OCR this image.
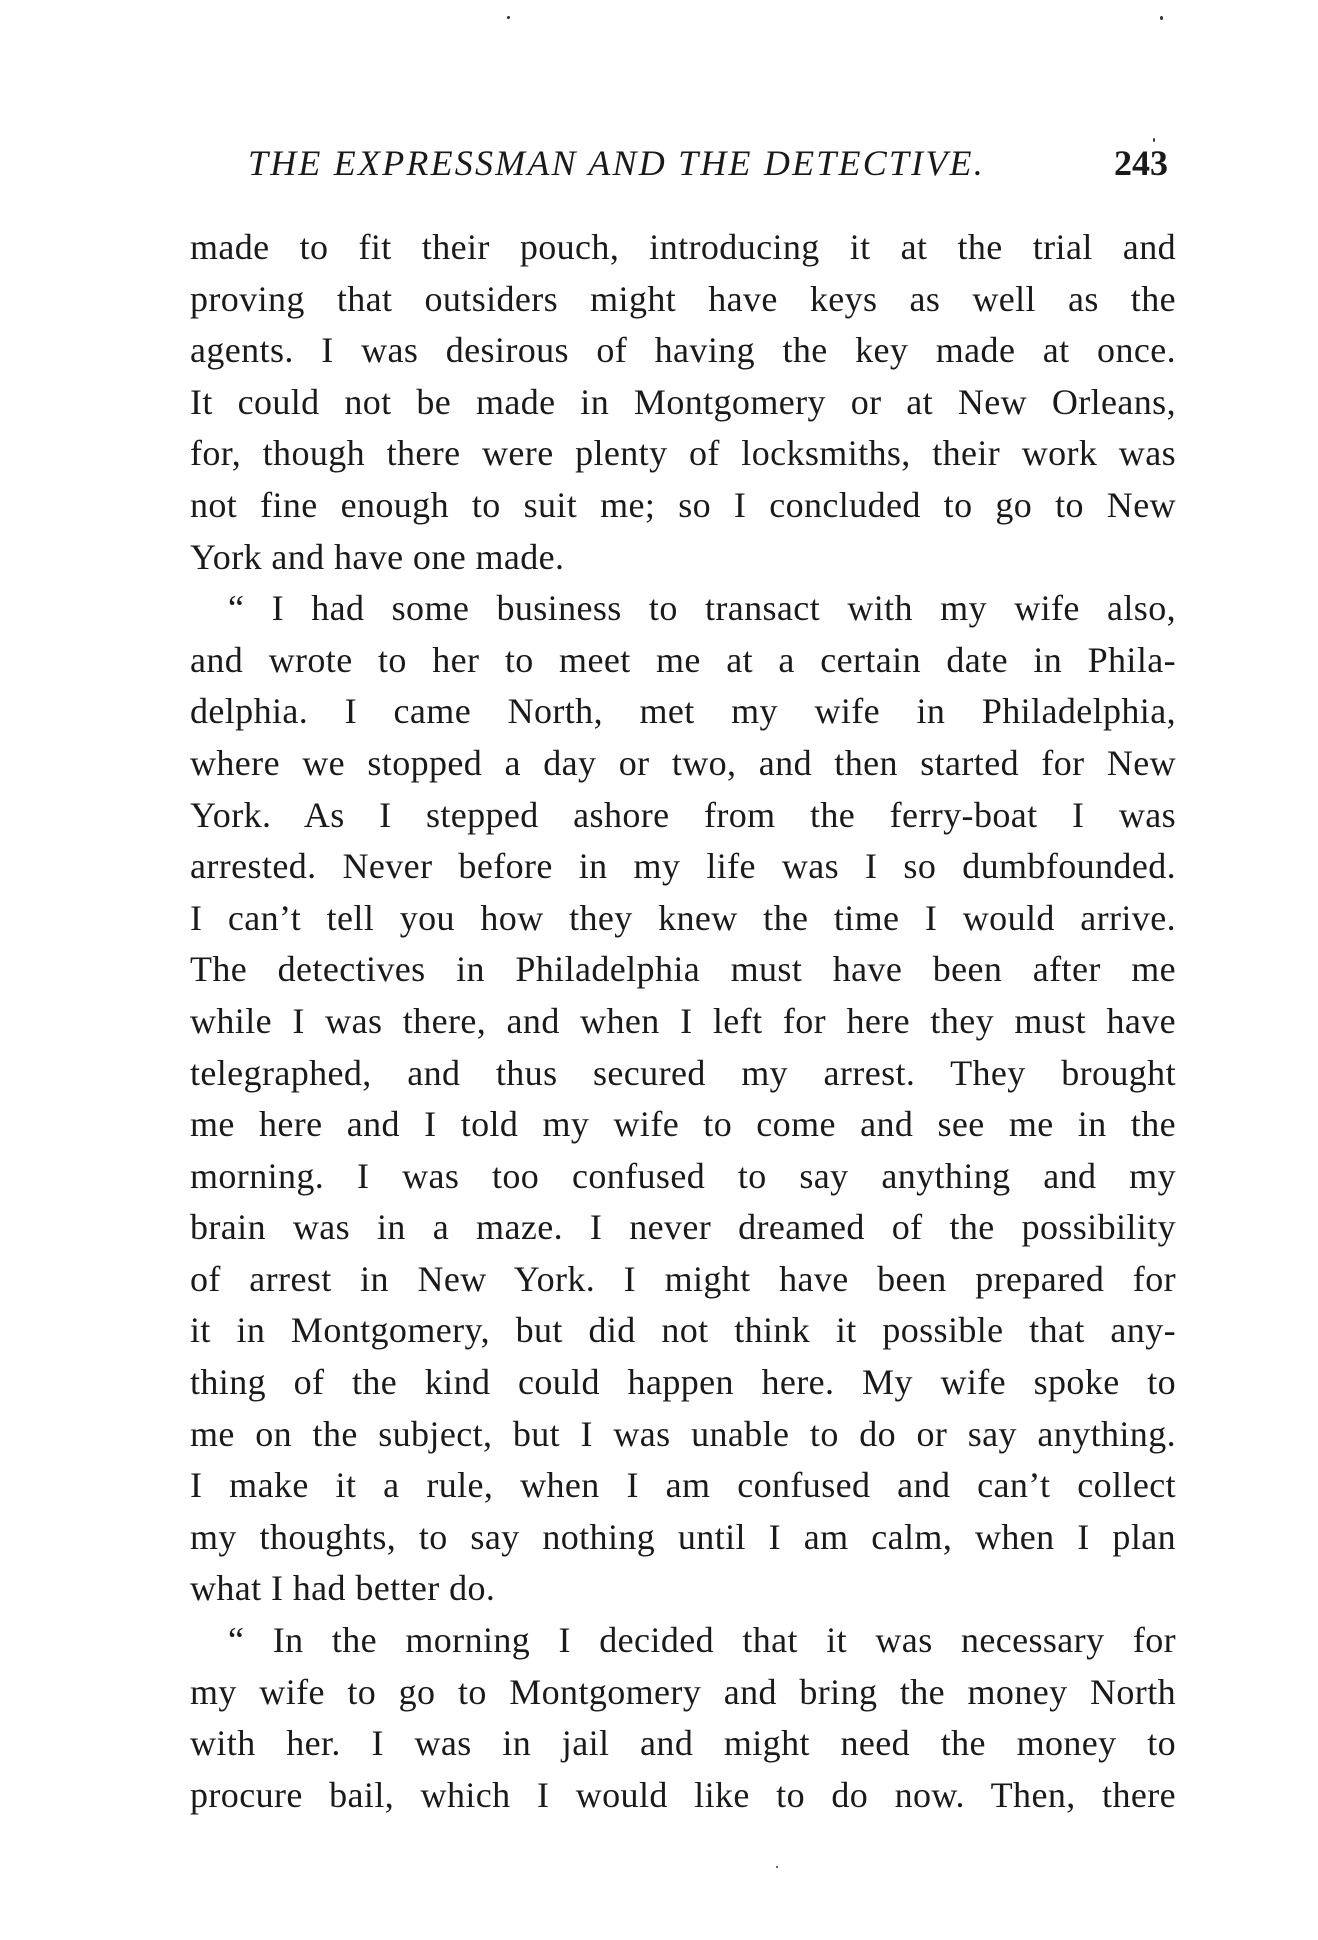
THE EXPRESSMAN AND THE DETECTIVE.	243
made to fit their pouch, introducing it at the trial and
proving that outsiders might have keys as well as the
agents. I was desirous of having the key made at once.
It could not be made in Montgomery or at New Orleans,
for, though there were plenty of locksmiths, their work was
not fine enough to suit me; so I concluded to go to New
York and have one made.
“ I had some business to transact with my wife also,
and wrote to her to meet me at a certain date in Phila-
delphia. I came North, met my wife in Philadelphia,
where we stopped a day or two, and then started for New
York. As I stepped ashore from the ferry-boat I was
arrested. Never before in my life was I so dumbfounded.
I can’t tell you how they knew the time I would arrive.
The detectives in Philadelphia must have been after me
while I was there, and when I left for here they must have
telegraphed, and thus secured my arrest. They brought
me here and I told my wife to come and see me in the
morning. I was too confused to say anything and my
brain was in a maze. I never dreamed of the possibility
of arrest in New York. I might have been prepared for
it in Montgomery, but did not think it possible that any-
thing of the kind could happen here. My wife spoke to
me on the subject, but I was unable to do or say anything.
I make it a rule, when I am confused and can’t collect
my thoughts, to say nothing until I am calm, when I plan
what I had better do.
“ In the morning I decided that it was necessary for
my wife to go to Montgomery and bring the money North
with her. I was in jail and might need the money to
procure bail, which I would like to do now. Then, there
